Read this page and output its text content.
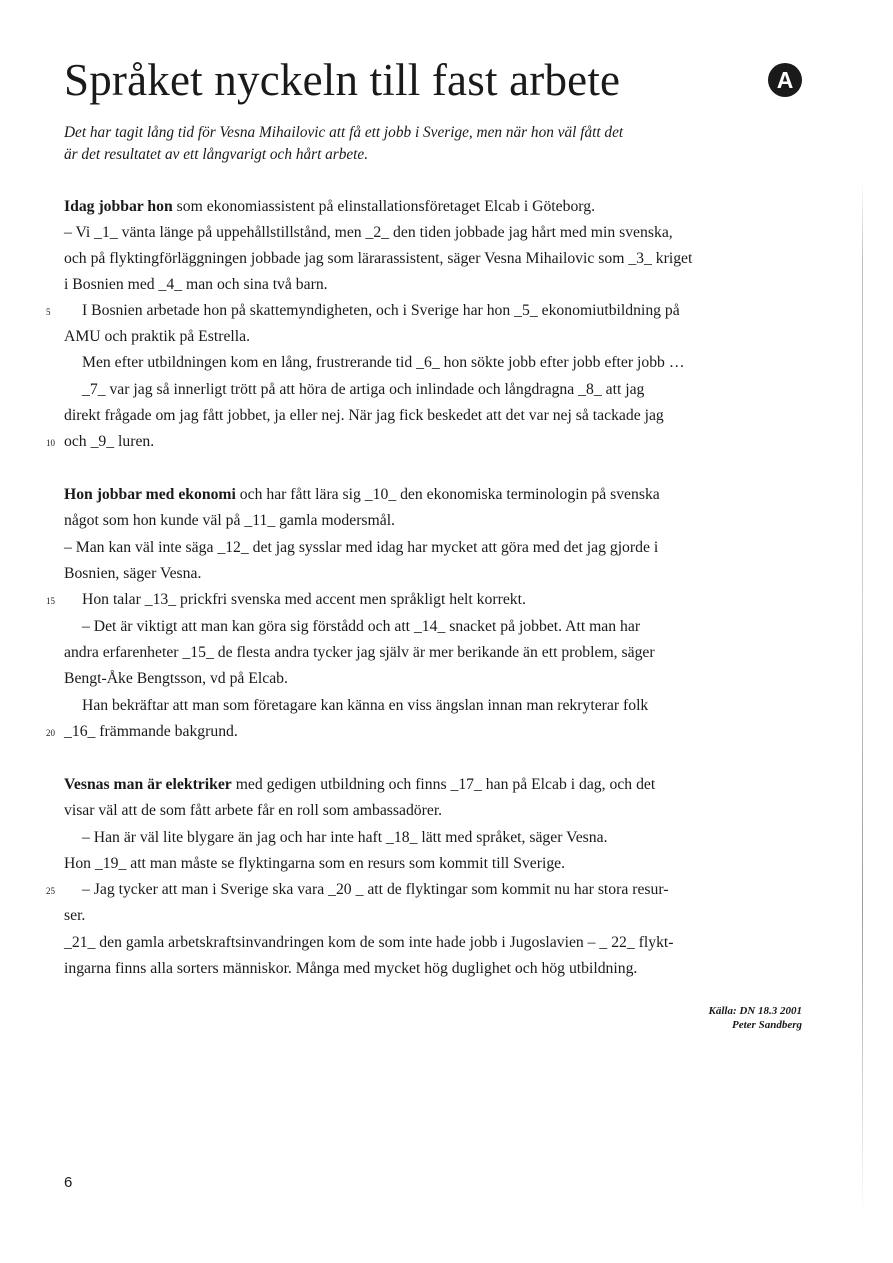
Språket nyckeln till fast arbete	A

Det har tagit lång tid för Vesna Mihailovic att få ett jobb i Sverige, men när hon väl fått det
är det resultatet av ett långvarigt och hårt arbete.

Idag jobbar hon som ekonomiassistent på elinstallationsföretaget Elcab i Göteborg.
– Vi _1_ vänta länge på uppehållstillstånd, men _2_ den tiden jobbade jag hårt med min svenska,
och på flyktingförläggningen jobbade jag som lärarassistent, säger Vesna Mihailovic som _3_ kriget
i Bosnien med _4_ man och sina två barn.
I Bosnien arbetade hon på skattemyndigheten, och i Sverige har hon _5_ ekonomiutbildning på
5
AMU och praktik på Estrella.
Men efter utbildningen kom en lång, frustrerande tid _6_ hon sökte jobb efter jobb efter jobb …
_7_ var jag så innerligt trött på att höra de artiga och inlindade och långdragna _8_ att jag
direkt frågade om jag fått jobbet, ja eller nej. När jag fick beskedet att det var nej så tackade jag
och _9_ luren.
10
Hon jobbar med ekonomi och har fått lära sig _10_ den ekonomiska terminologin på svenska
något som hon kunde väl på _11_ gamla modersmål.
– Man kan väl inte säga _12_ det jag sysslar med idag har mycket att göra med det jag gjorde i
Bosnien, säger Vesna.
Hon talar _13_ prickfri svenska med accent men språkligt helt korrekt.
15
– Det är viktigt att man kan göra sig förstådd och att _14_ snacket på jobbet. Att man har
andra erfarenheter _15_ de flesta andra tycker jag själv är mer berikande än ett problem, säger
Bengt-Åke Bengtsson, vd på Elcab.
Han bekräftar att man som företagare kan känna en viss ängslan innan man rekryterar folk
_16_ främmande bakgrund.
20
Vesnas man är elektriker med gedigen utbildning och finns _17_ han på Elcab i dag, och det
visar väl att de som fått arbete får en roll som ambassadörer.
– Han är väl lite blygare än jag och har inte haft _18_ lätt med språket, säger Vesna.
Hon _19_ att man måste se flyktingarna som en resurs som kommit till Sverige.
– Jag tycker att man i Sverige ska vara _20 _ att de flyktingar som kommit nu har stora resur-
25
ser.
_21_ den gamla arbetskraftsinvandringen kom de som inte hade jobb i Jugoslavien – _ 22_ flykt-
ingarna finns alla sorters människor. Många med mycket hög duglighet och hög utbildning.
Källa: DN 18.3 2001
Peter Sandberg
6
